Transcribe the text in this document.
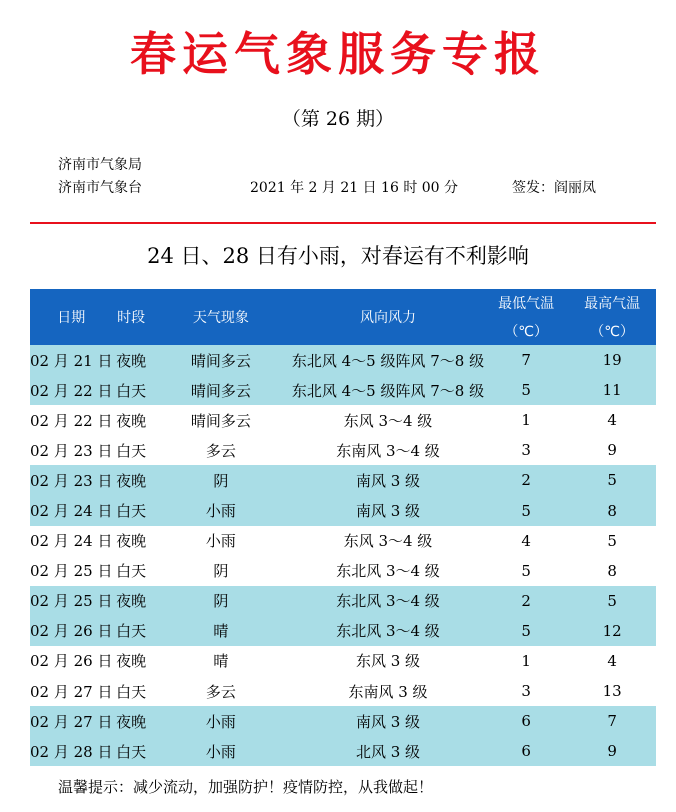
春运气象服务专报
（第 26 期）
济南市气象局
济南市气象台	2021 年 2 月 21 日 16 时 00 分	签发：阎丽凤
24 日、28 日有小雨，对春运有不利影响
日期	时段	天气现象	风向风力	最低气温	最高气温
				（℃）	（℃）
02 月 21 日	夜晚	晴间多云	东北风 4～5 级阵风 7～8 级	7	19
02 月 22 日	白天	晴间多云	东北风 4～5 级阵风 7～8 级	5	11
02 月 22 日	夜晚	晴间多云	东风 3～4 级	1	4
02 月 23 日	白天	多云	东南风 3～4 级	3	9
02 月 23 日	夜晚	阴	南风 3 级	2	5
02 月 24 日	白天	小雨	南风 3 级	5	8
02 月 24 日	夜晚	小雨	东风 3～4 级	4	5
02 月 25 日	白天	阴	东北风 3～4 级	5	8
02 月 25 日	夜晚	阴	东北风 3～4 级	2	5
02 月 26 日	白天	晴	东北风 3～4 级	5	12
02 月 26 日	夜晚	晴	东风 3 级	1	4
02 月 27 日	白天	多云	东南风 3 级	3	13
02 月 27 日	夜晚	小雨	南风 3 级	6	7
02 月 28 日	白天	小雨	北风 3 级	6	9
温馨提示：减少流动，加强防护！疫情防控，从我做起！
